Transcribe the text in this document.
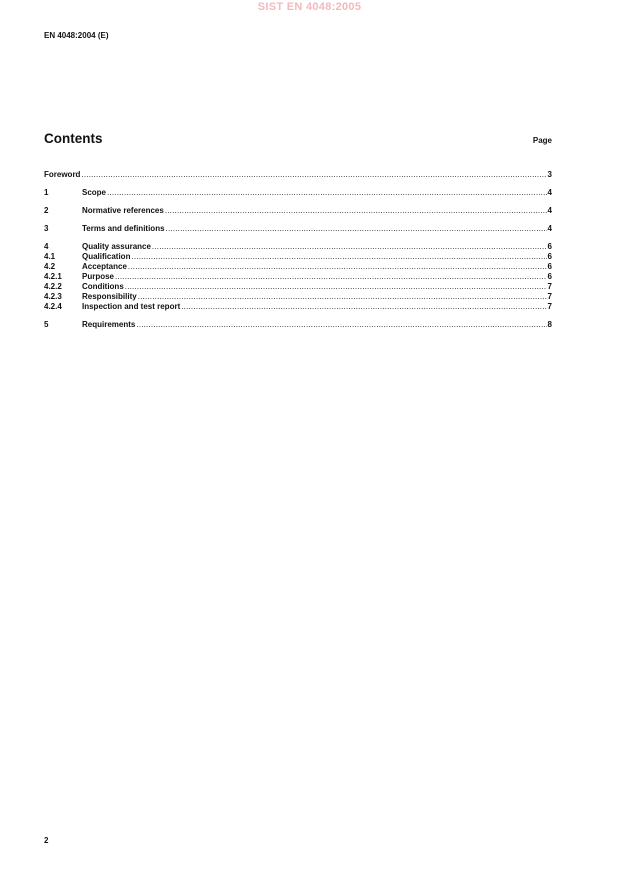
SIST EN 4048:2005
EN 4048:2004 (E)
Contents	Page
Foreword .....	3
1	Scope .....	4
2	Normative references .....	4
3	Terms and definitions .....	4
4	Quality assurance .....	6
4.1	Qualification .....	6
4.2	Acceptance .....	6
4.2.1	Purpose .....	6
4.2.2	Conditions .....	7
4.2.3	Responsibility .....	7
4.2.4	Inspection and test report .....	7
5	Requirements .....	8
2
